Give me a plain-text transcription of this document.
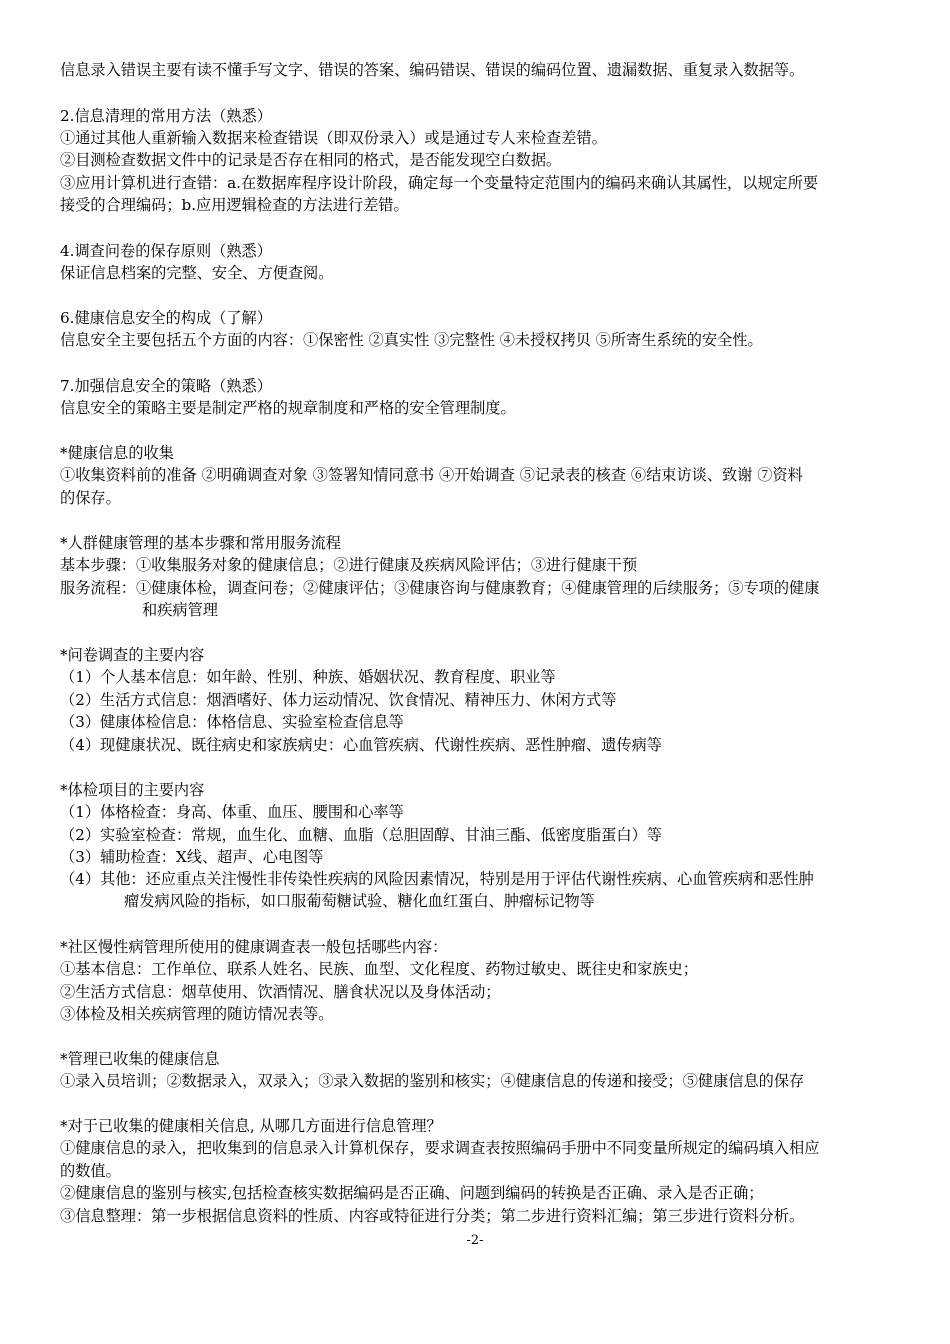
信息录入错误主要有读不懂手写文字、错误的答案、编码错误、错误的编码位置、遗漏数据、重复录入数据等。
2.信息清理的常用方法（熟悉）
①通过其他人重新输入数据来检查错误（即双份录入）或是通过专人来检查差错。
②目测检查数据文件中的记录是否存在相同的格式，是否能发现空白数据。
③应用计算机进行查错：a.在数据库程序设计阶段，确定每一个变量特定范围内的编码来确认其属性，以规定所要
接受的合理编码；b.应用逻辑检查的方法进行差错。
4.调查问卷的保存原则（熟悉）
保证信息档案的完整、安全、方便查阅。
6.健康信息安全的构成（了解）
信息安全主要包括五个方面的内容：①保密性 ②真实性 ③完整性 ④未授权拷贝 ⑤所寄生系统的安全性。
7.加强信息安全的策略（熟悉）
信息安全的策略主要是制定严格的规章制度和严格的安全管理制度。
*健康信息的收集
①收集资料前的准备 ②明确调查对象 ③签署知情同意书 ④开始调查 ⑤记录表的核查 ⑥结束访谈、致谢 ⑦资料
的保存。
*人群健康管理的基本步骤和常用服务流程
基本步骤：①收集服务对象的健康信息；②进行健康及疾病风险评估；③进行健康干预
服务流程：①健康体检，调查问卷；②健康评估；③健康咨询与健康教育；④健康管理的后续服务；⑤专项的健康
和疾病管理
*问卷调查的主要内容
（1）个人基本信息：如年龄、性别、种族、婚姻状况、教育程度、职业等
（2）生活方式信息：烟酒嗜好、体力运动情况、饮食情况、精神压力、休闲方式等
（3）健康体检信息：体格信息、实验室检查信息等
（4）现健康状况、既往病史和家族病史：心血管疾病、代谢性疾病、恶性肿瘤、遗传病等
*体检项目的主要内容
（1）体格检查：身高、体重、血压、腰围和心率等
（2）实验室检查：常规，血生化、血糖、血脂（总胆固醇、甘油三酯、低密度脂蛋白）等
（3）辅助检查：X线、超声、心电图等
（4）其他：还应重点关注慢性非传染性疾病的风险因素情况，特别是用于评估代谢性疾病、心血管疾病和恶性肿
瘤发病风险的指标，如口服葡萄糖试验、糖化血红蛋白、肿瘤标记物等
*社区慢性病管理所使用的健康调查表一般包括哪些内容：
①基本信息：工作单位、联系人姓名、民族、血型、文化程度、药物过敏史、既往史和家族史；
②生活方式信息：烟草使用、饮酒情况、膳食状况以及身体活动；
③体检及相关疾病管理的随访情况表等。
*管理已收集的健康信息
①录入员培训；②数据录入，双录入；③录入数据的鉴别和核实；④健康信息的传递和接受；⑤健康信息的保存
*对于已收集的健康相关信息, 从哪几方面进行信息管理？
①健康信息的录入，把收集到的信息录入计算机保存，要求调查表按照编码手册中不同变量所规定的编码填入相应
的数值。
②健康信息的鉴别与核实,包括检查核实数据编码是否正确、问题到编码的转换是否正确、录入是否正确；
③信息整理：第一步根据信息资料的性质、内容或特征进行分类；第二步进行资料汇编；第三步进行资料分析。
-2-
